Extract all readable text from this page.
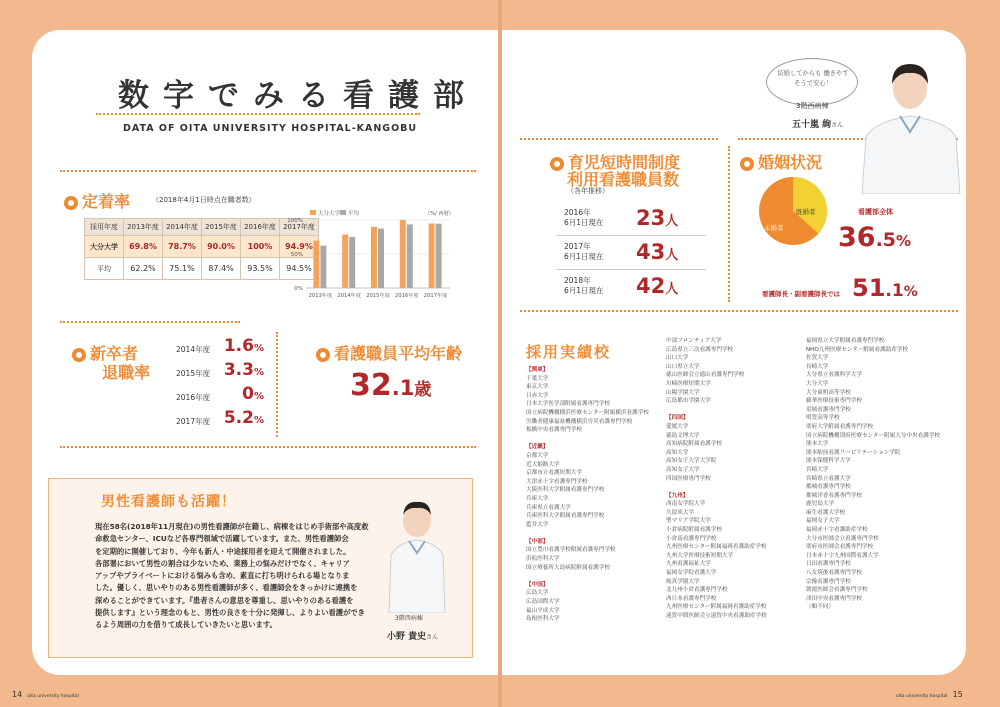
数字でみる看護部
DATA OF OITA UNIVERSITY HOSPITAL-KANGOBU
定着率	（2018年4月1日時点在職者数）
採用年度	2013年度	2014年度	2015年度	2016年度	2017年度
大分大学	69.8%	78.7%	90.0%	100%	94.9%
平均	62.2%	75.1%	87.4%	93.5%	94.5%
100%
50%
0%
2013年度 2014年度 2015年度 2016年度 2017年度
大分大学 平均	（%/ 西暦）
新卒者
退職率
2014年度 1.6%
2015年度 3.3%
2016年度 0%
2017年度 5.2%
看護職員平均年齢
32.1歳
男性看護師も活躍！
現在58名(2018年11月現在)の男性看護師が在籍し、病棟をはじめ手術部や高度救
命救急センター、ICUなど各専門領域で活躍しています。また、男性看護師会
を定期的に開催しており、今年も新人・中途採用者を迎えて開催されました。
各部署において男性の割合は少ないため、業務上の悩みだけでなく、キャリア
アップやプライベートにおける悩みも含め、素直に打ち明けられる場となりま
した。優しく、思いやりのある男性看護師が多く、看護師会をきっかけに連携を
深めることができています。『患者さんの意思を尊重し、思いやりのある看護を
提供します』という理念のもと、男性の良さを十分に発揮し、よりよい看護ができ
るよう周囲の力を借りて成長していきたいと思います。
3階西病棟
小野 貴史さん
育児短時間制度
利用看護職員数
（各年推移）
2016年
6月1日現在 23人
2017年
6月1日現在 43人
2018年
6月1日現在 42人
婚姻状況
既婚者
未婚者
看護部全体
36.5%
看護師長・副看護師長では 51.1%
結婚してからも 働きやすそうで安心！
3階西病棟
五十嵐 絢さん
採用実績校
【関東】
千葉大学
東京大学
日赤大学
日本大学医学部附属看護専門学校
国立病院機構横浜医療センター附属横浜看護学校
労働者健康福祉機構横浜労災看護専門学校
板橋中央看護専門学校

【近畿】
京都大学
近大姫路大学
京都市立看護短期大学
大津赤十字看護専門学校
大阪医科大学附属看護専門学校
兵庫大学
兵庫県立看護大学
兵庫医科大学附属看護専門学校
藍井大学

【中部】
国立豊川看護学校附属看護専門学校
浜松医科大学
国立療養所大島病院附属看護学校

【中国】
広島大学
広島国際大学
福山平成大学
島根医科大学
中部フロンティア大学
広島県立三次看護専門学校
山口大学
山口県立大学
徳山医師会立徳山看護専門学校
川崎医療短期大学
山陽学園大学
広島都市学園大学

【四国】
愛媛大学
徳島文理大学
高知病院附属看護学校
高知大学
高知女子大学大学院
高知女子大学
四国医療専門学校

【九州】
西南女学院大学
久留米大学
聖マリア学院大学
小倉病院附属看護学校
小倉南看護専門学校
九州医療センター附属福岡看護助産学校
九州大学医療技術短期大学
九州看護福祉大学
福岡女学院看護大学
純真学園大学
北九州小倉看護専門学校
西日本看護専門学校
九州医療センター附属福岡看護助産学校
遠賀中間医師会立遠賀中央看護助産学校
福岡県立大学附属看護専門学校
NHO九州医療センター附属看護助産学校
佐賀大学
長崎大学
大分県立看護科学大学
大分大学
大分東明高等学校
藤華医療技術専門学校
竜城看護専門学校
明豊高等学校
別府大学附属看護専門学校
国立病院機構別府医療センター附属大分中央看護学校
熊本大学
熊本駅前看護リハビリテーション学院
熊本保健科学大学
宮崎大学
宮崎県立看護大学
都城看護専門学校
都城洋香看護専門学校
鹿児島大学
麻生看護大学校
福岡女子大学
福岡赤十字看護助産学校
大分市医師会立看護専門学校
別府市医師会看護専門学校
日本赤十字九州国際看護大学
日田看護専門学校
八女筑後看護専門学校
宗像看護専門学校
朝霞医師会看護専門学校
津田中央看護専門学校
（順不同）
14 oita university hospital	oita university hospital 15
